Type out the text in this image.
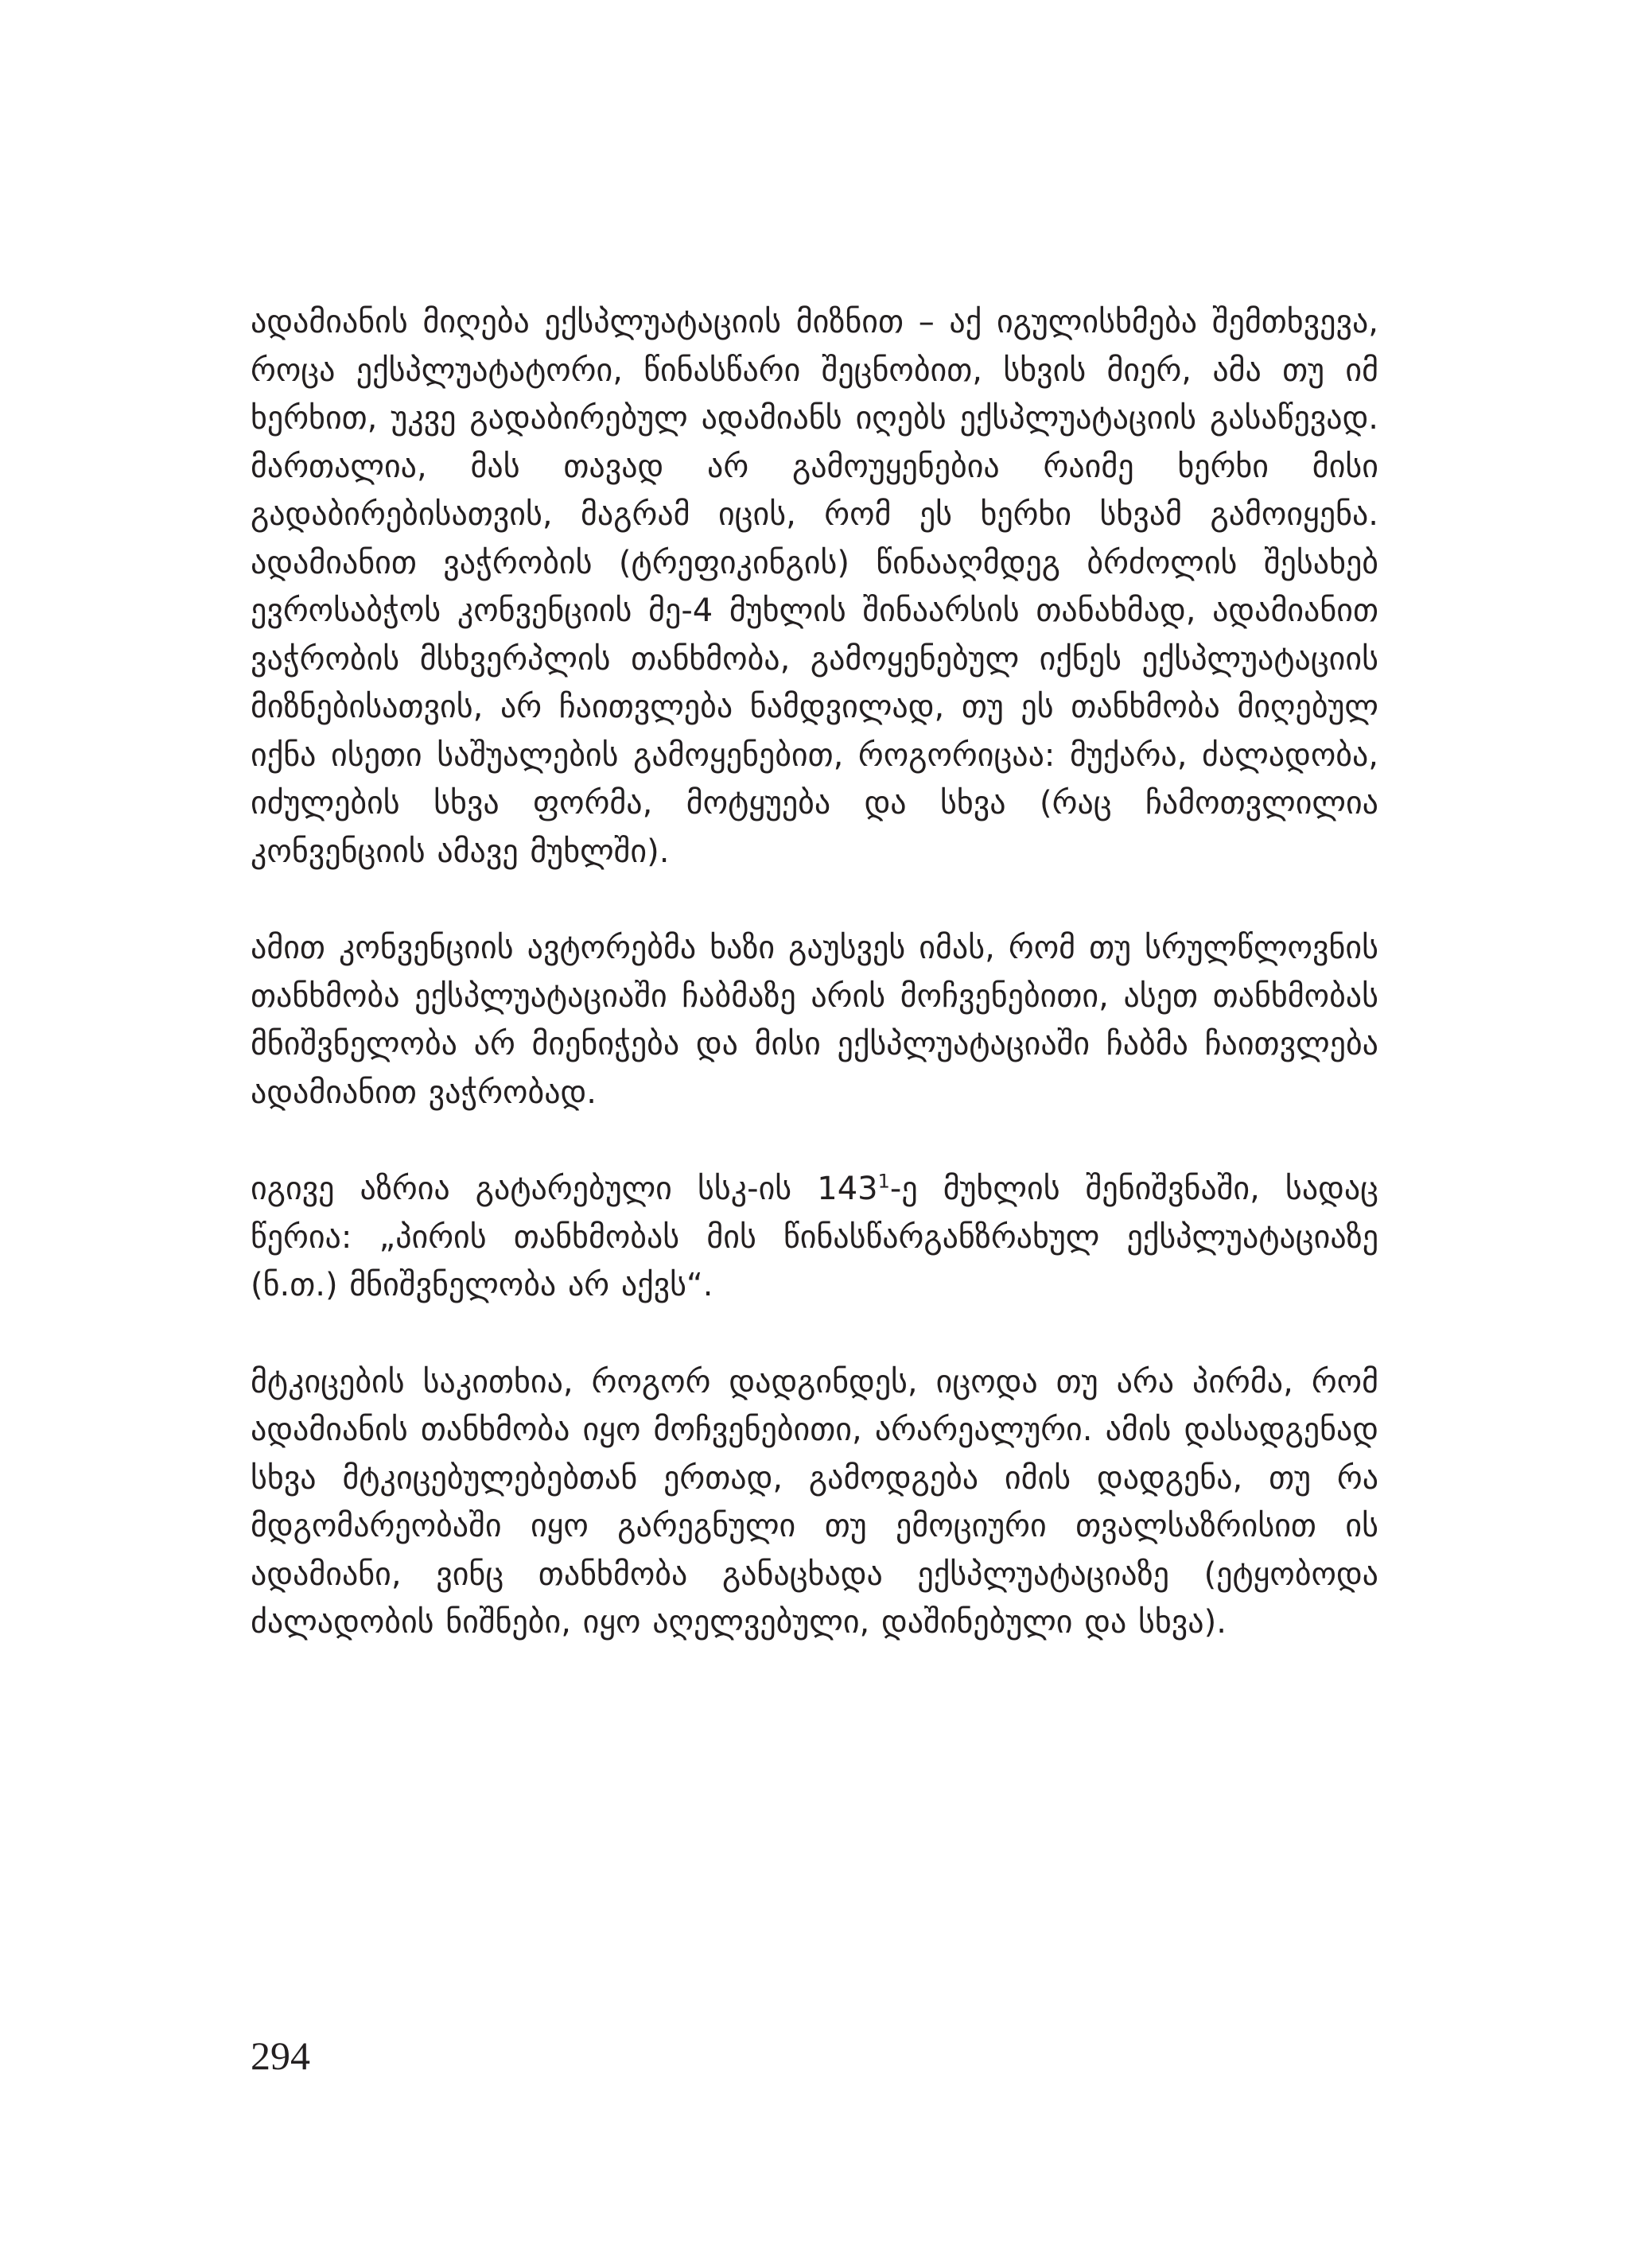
ადამიანის მიღება ექსპლუატაციის მიზნით – აქ იგულისხმება შემთხვევა, როცა ექსპლუატატორი, წინასწარი შეცნობით, სხვის მიერ, ამა თუ იმ ხერხით, უკვე გადაბირებულ ადამიანს იღებს ექსპლუატაციის გასაწევად. მართალია, მას თავად არ გამოუყენებია რაიმე ხერხი მისი გადაბირებისათვის, მაგრამ იცის, რომ ეს ხერხი სხვამ გამოიყენა. ადამიანით ვაჭრობის (ტრეფიკინგის) წინააღმდეგ ბრძოლის შესახებ ევროსაბჭოს კონვენციის მე-4 მუხლის შინაარსის თანახმად, ადამიანით ვაჭრობის მსხვერპლის თანხმობა, გამოყენებულ იქნეს ექსპლუატაციის მიზნებისათვის, არ ჩაითვლება ნამდვილად, თუ ეს თანხმობა მიღებულ იქნა ისეთი საშუალების გამოყენებით, როგორიცაა: მუქარა, ძალადობა, იძულების სხვა ფორმა, მოტყუება და სხვა (რაც ჩამოთვლილია კონვენციის ამავე მუხლში).

ამით კონვენციის ავტორებმა ხაზი გაუსვეს იმას, რომ თუ სრულწლოვნის თანხმობა ექსპლუატაციაში ჩაბმაზე არის მოჩვენებითი, ასეთ თანხმობას მნიშვნელობა არ მიენიჭება და მისი ექსპლუატაციაში ჩაბმა ჩაითვლება ადამიანით ვაჭრობად.

იგივე აზრია გატარებული სსკ-ის $143^1-ე$ მუხლის შენიშვნაში, სადაც წერია: „პირის თანხმობას მის წინასწარგანზრახულ ექსპლუატაციაზე (ნ.თ.) მნიშვნელობა არ აქვს“.

მტკიცების საკითხია, როგორ დადგინდეს, იცოდა თუ არა პირმა, რომ ადამიანის თანხმობა იყო მოჩვენებითი, არარეალური. ამის დასადგენად სხვა მტკიცებულებებთან ერთად, გამოდგება იმის დადგენა, თუ რა მდგომარეობაში იყო გარეგნული თუ ემოციური თვალსაზრისით ის ადამიანი, ვინც თანხმობა განაცხადა ექსპლუატაციაზე (ეტყობოდა ძალადობის ნიშნები, იყო აღელვებული, დაშინებული და სხვა).

294
